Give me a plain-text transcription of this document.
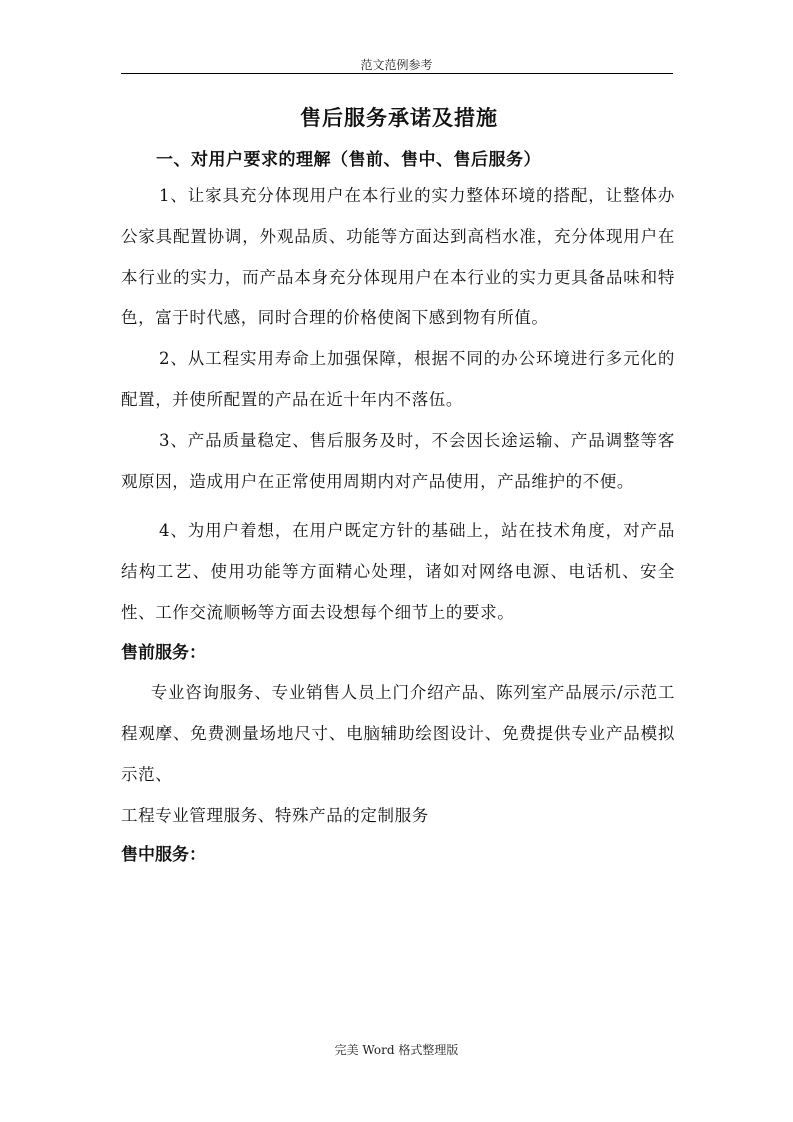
范文范例参考
售后服务承诺及措施
一、对用户要求的理解（售前、售中、售后服务）

1、让家具充分体现用户在本行业的实力整体环境的搭配，让整体办公家具配置协调，外观品质、功能等方面达到高档水准，充分体现用户在本行业的实力，而产品本身充分体现用户在本行业的实力更具备品味和特色，富于时代感，同时合理的价格使阁下感到物有所值。

2、从工程实用寿命上加强保障，根据不同的办公环境进行多元化的配置，并使所配置的产品在近十年内不落伍。

3、产品质量稳定、售后服务及时，不会因长途运输、产品调整等客观原因，造成用户在正常使用周期内对产品使用，产品维护的不便。

4、为用户着想，在用户既定方针的基础上，站在技术角度，对产品结构工艺、使用功能等方面精心处理，诸如对网络电源、电话机、安全性、工作交流顺畅等方面去设想每个细节上的要求。

售前服务：

专业咨询服务、专业销售人员上门介绍产品、陈列室产品展示/示范工程观摩、免费测量场地尺寸、电脑辅助绘图设计、免费提供专业产品模拟示范、

工程专业管理服务、特殊产品的定制服务

售中服务：
完美 Word 格式整理版
